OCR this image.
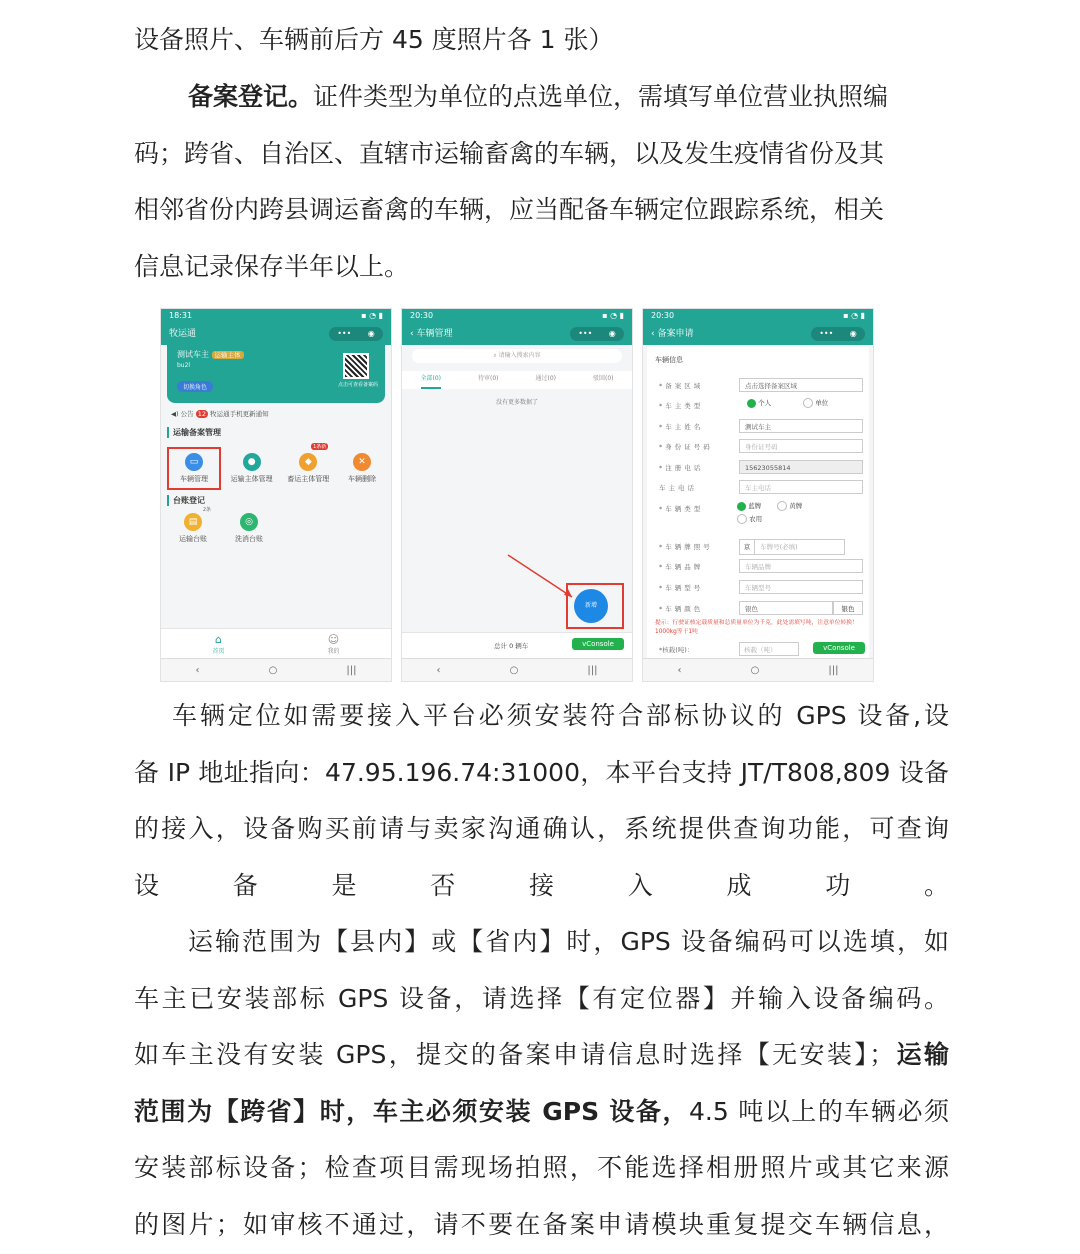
设备照片、车辆前后方 45 度照片各 1 张）
备案登记。证件类型为单位的点选单位，需填写单位营业执照编
码；跨省、自治区、直辖市运输畜禽的车辆，以及发生疫情省份及其
相邻省份内跨县调运畜禽的车辆，应当配备车辆定位跟踪系统，相关
信息记录保存半年以上。
18:31	▪ ◔ ▮
牧运通	••• ◉
测试车主 运输主体
bu2l
切换角色	点击可查看备案码
◀) 公告 12 牧运通手机更新通知
运输备案管理
▭
车辆管理
●
运输主体管理
1条新
◆
畜运主体管理
✕
车辆删除
台账登记
2条
▤
运输台账
◎
洗消台账
⌂
首页
☺
我的
‹	○	|||
20:30	▪ ◔ ▮
‹ 车辆管理	••• ◉
⌕ 请输入搜索内容
全部(0)	待审(0)	通过(0)	驳回(0)
没有更多数据了
新增
总计 0 辆车	vConsole
‹	○	|||
20:30	▪ ◔ ▮
‹ 备案申请	••• ◉
车辆信息
*备案区域	点击选择备案区域
*车主类型	个人	单位
*车主姓名	测试车主
*身份证号码	身份证号码
*注册电话	15623055814
车主电话	车主电话
*车辆类型	蓝牌	黄牌
农用
*车辆牌照号	京 车牌号(必填)
*车辆品牌	车辆品牌
*车辆型号	车辆型号
*车辆颜色	银色	银色
提示：行驶证核定载质量和总质量单位为千克，此处需填写吨，注意单位转换！1000kg等于1吨
*核载(吨)：	核载（吨）	vConsole
‹	○	|||
车辆定位如需要接入平台必须安装符合部标协议的 GPS 设备,设
备 IP 地址指向：47.95.196.74:31000，本平台支持 JT/T808,809 设备
的接入，设备购买前请与卖家沟通确认，系统提供查询功能，可查询
设备是否接入成功。
运输范围为【县内】或【省内】时，GPS 设备编码可以选填，如
车主已安装部标 GPS 设备，请选择【有定位器】并输入设备编码。
如车主没有安装 GPS，提交的备案申请信息时选择【无安装】；运输
范围为【跨省】时，车主必须安装 GPS 设备，4.5 吨以上的车辆必须
安装部标设备；检查项目需现场拍照，不能选择相册照片或其它来源
的图片；如审核不通过，请不要在备案申请模块重复提交车辆信息，
